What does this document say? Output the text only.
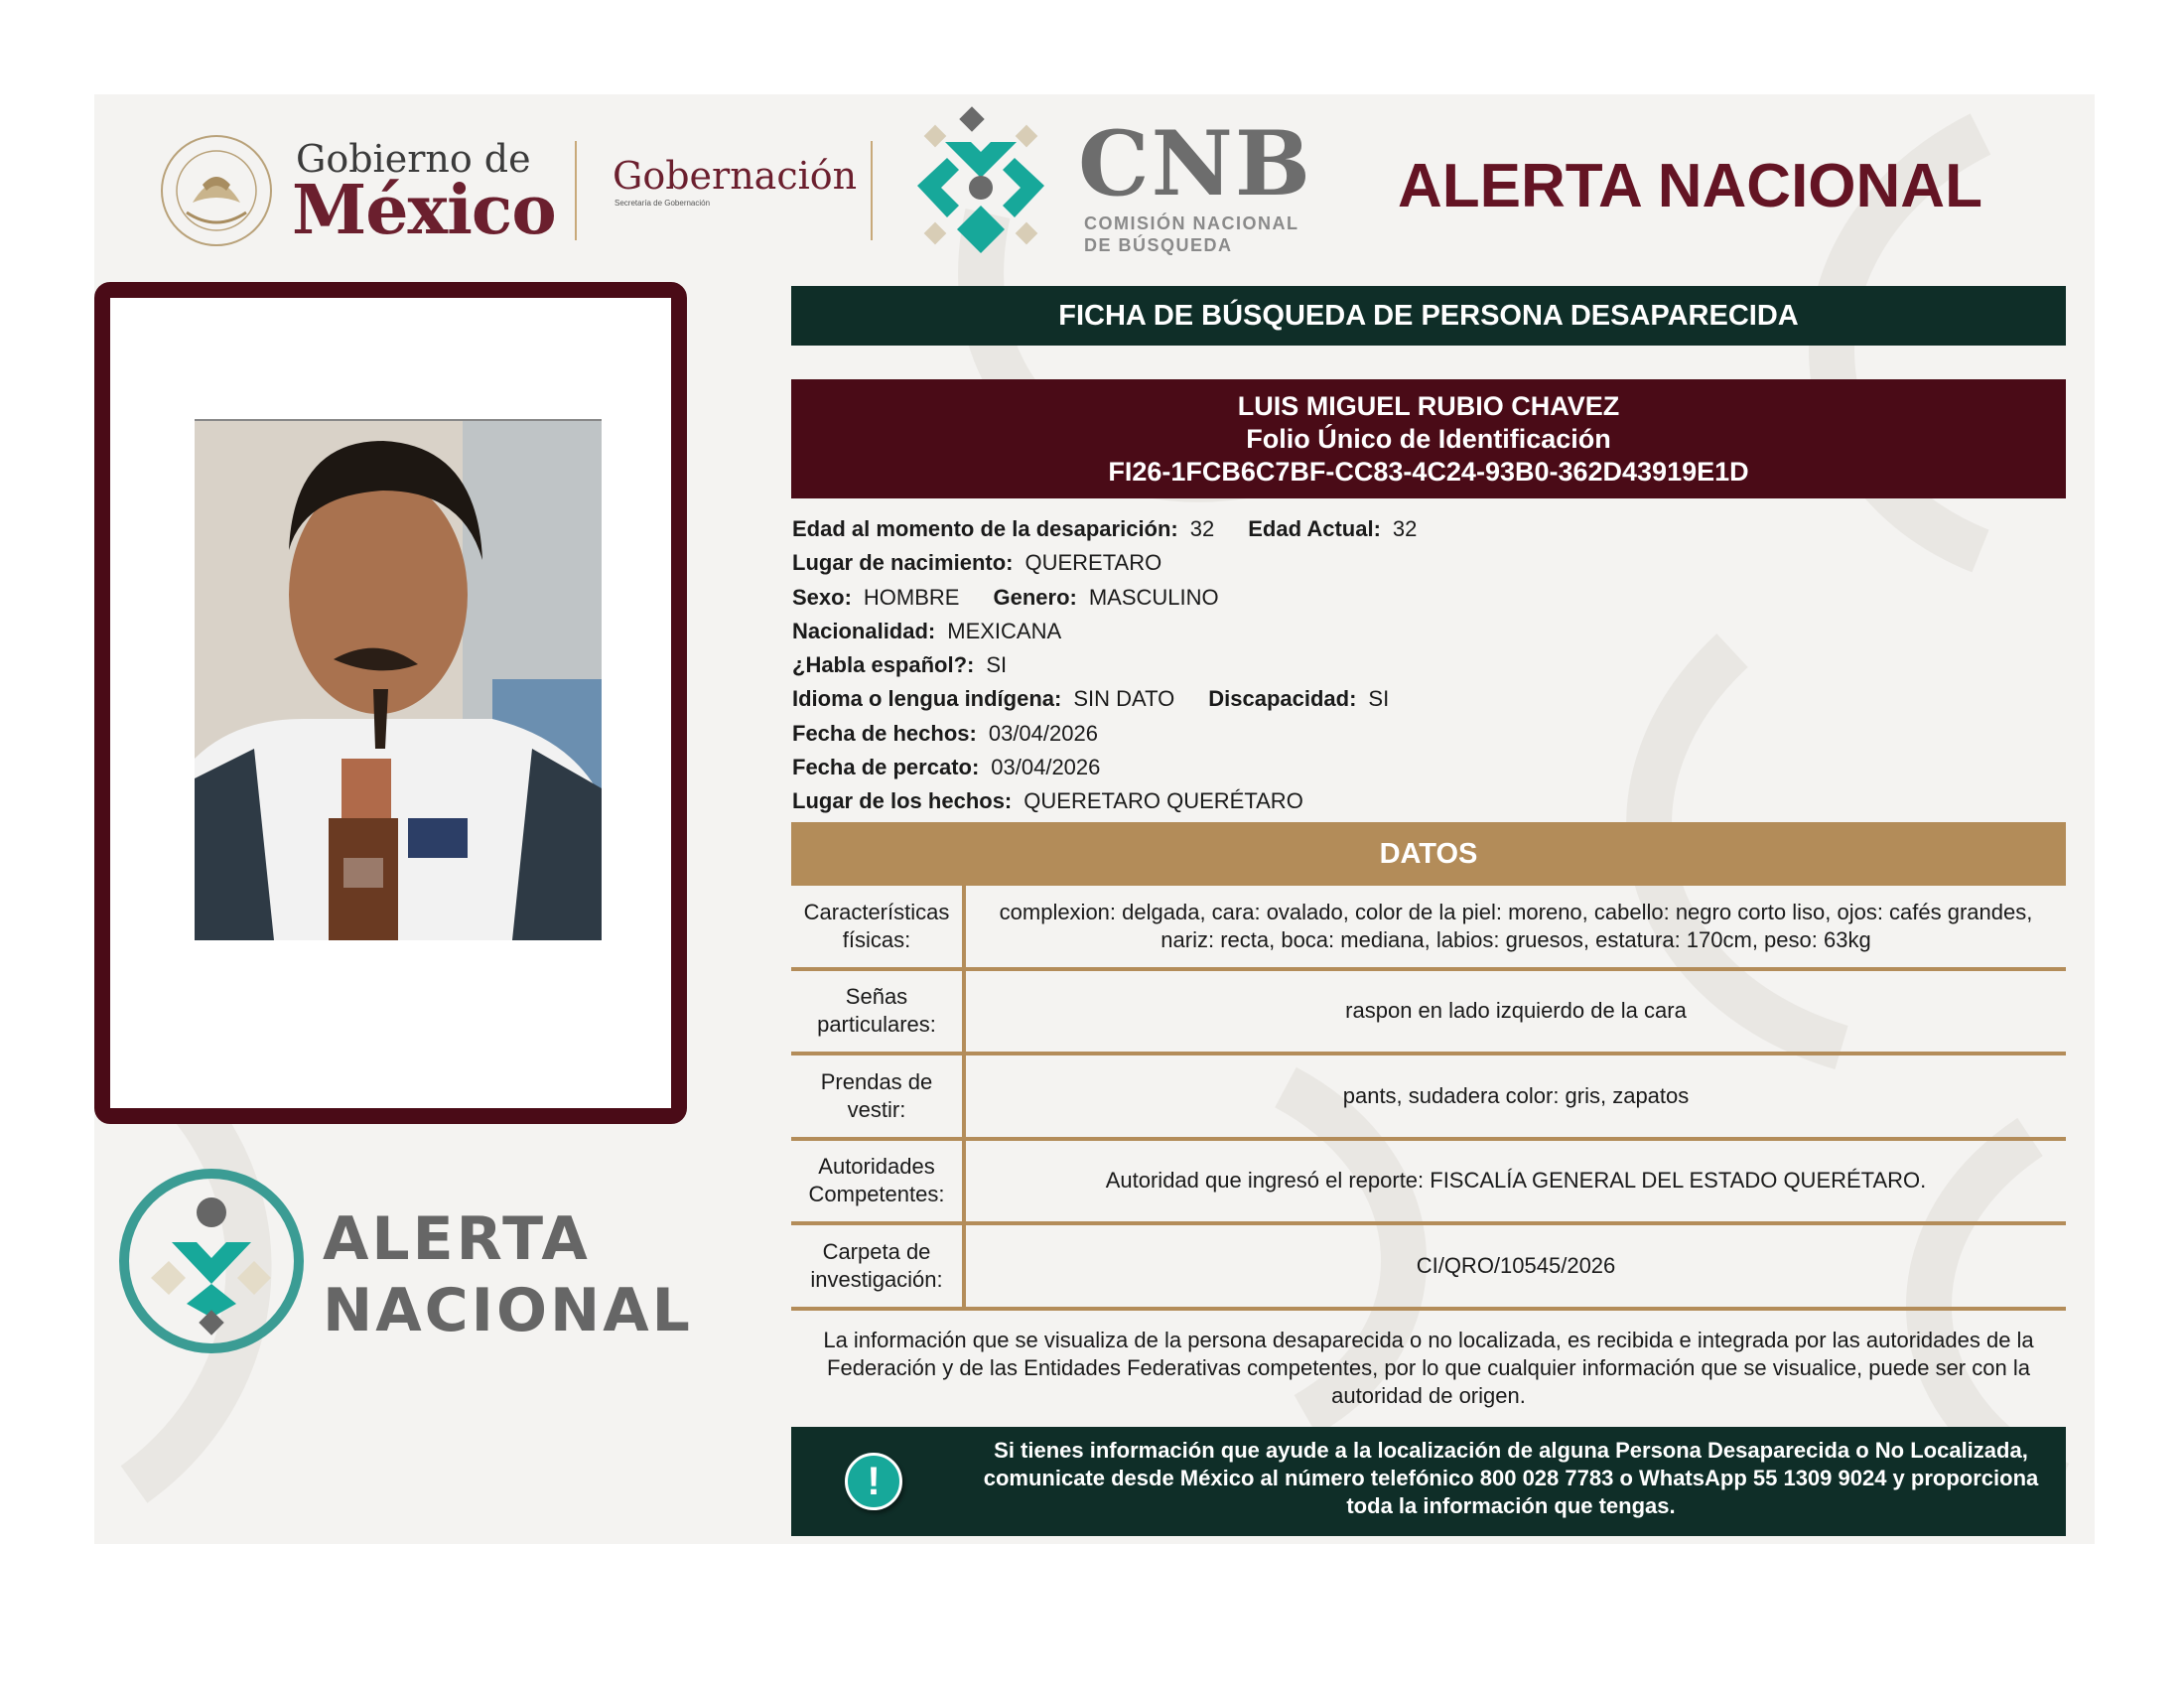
Gobierno de
México Gobernación
Secretaría de Gobernación	CNB
COMISIÓN NACIONAL
DE BÚSQUEDA
ALERTA NACIONAL
ALERTA
NACIONAL
FICHA DE BÚSQUEDA DE PERSONA DESAPARECIDA
LUIS MIGUEL RUBIO CHAVEZ
Folio Único de Identificación
FI26-1FCB6C7BF-CC83-4C24-93B0-362D43919E1D
Edad al momento de la desaparición: 32 Edad Actual: 32
Lugar de nacimiento: QUERETARO
Sexo: HOMBRE Genero: MASCULINO
Nacionalidad: MEXICANA
¿Habla español?: SI
Idioma o lengua indígena: SIN DATO Discapacidad: SI
Fecha de hechos: 03/04/2026
Fecha de percato: 03/04/2026
Lugar de los hechos: QUERETARO QUERÉTARO
DATOS
Características físicas:
complexion: delgada, cara: ovalado, color de la piel: moreno, cabello: negro corto liso, ojos: cafés grandes, nariz: recta, boca: mediana, labios: gruesos, estatura: 170cm, peso: 63kg
Señas particulares:
raspon en lado izquierdo de la cara
Prendas de vestir:
pants, sudadera color: gris, zapatos
Autoridades Competentes:
Autoridad que ingresó el reporte: FISCALÍA GENERAL DEL ESTADO QUERÉTARO.
Carpeta de investigación:
CI/QRO/10545/2026
La información que se visualiza de la persona desaparecida o no localizada, es recibida e integrada por las autoridades de la Federación y de las Entidades Federativas competentes, por lo que cualquier información que se visualice, puede ser con la autoridad de origen.
!
Si tienes información que ayude a la localización de alguna Persona Desaparecida o No Localizada, comunicate desde México al número telefónico 800 028 7783 o WhatsApp 55 1309 9024 y proporciona toda la información que tengas.
